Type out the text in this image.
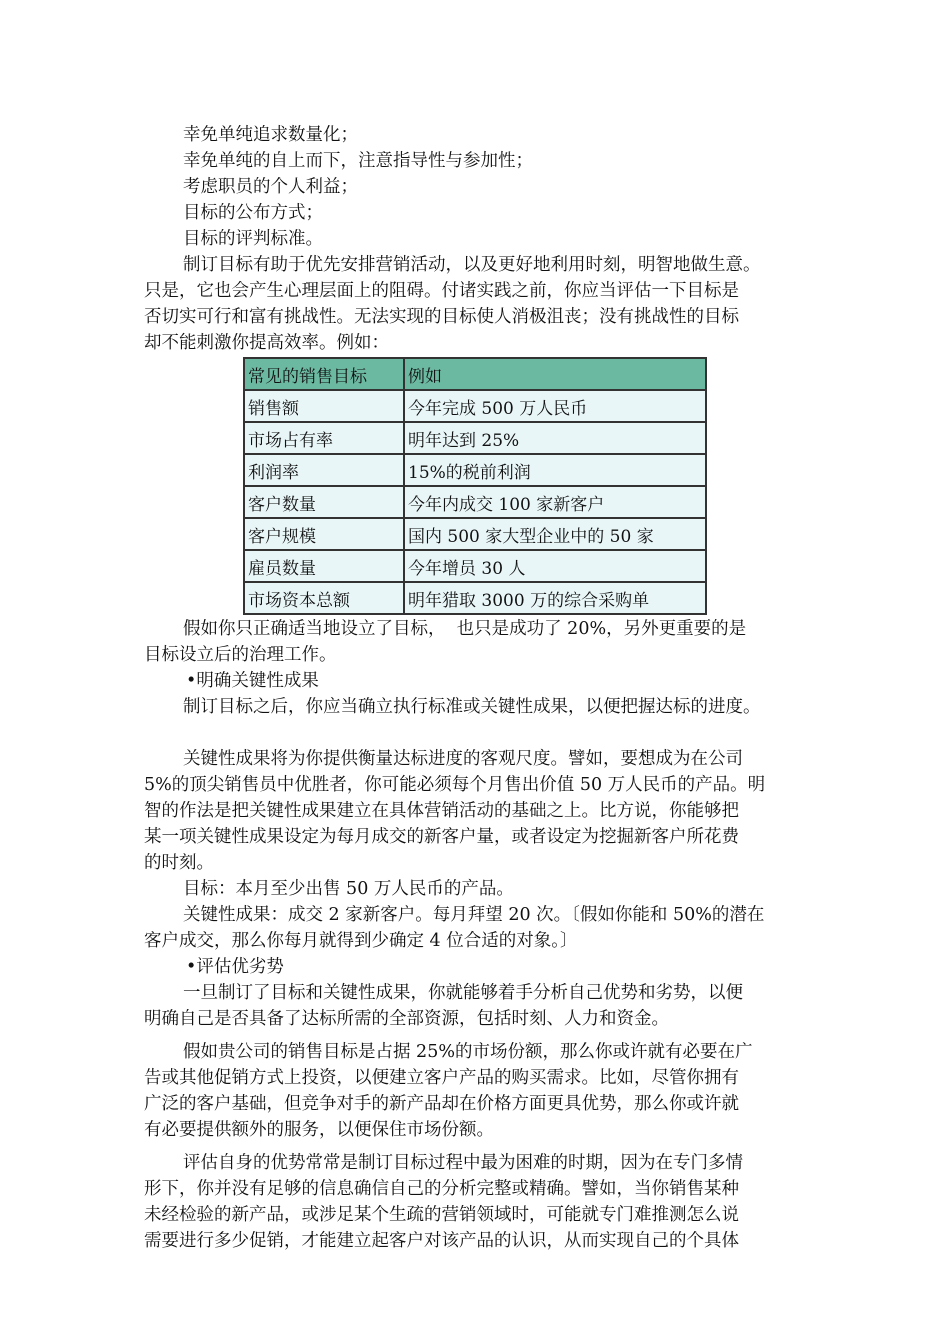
幸免单纯追求数量化；
幸免单纯的自上而下，注意指导性与参加性；
考虑职员的个人利益；
目标的公布方式；
目标的评判标准。
制订目标有助于优先安排营销活动，以及更好地利用时刻，明智地做生意。
只是，它也会产生心理层面上的阻碍。付诸实践之前，你应当评估一下目标是
否切实可行和富有挑战性。无法实现的目标使人消极沮丧；没有挑战性的目标
却不能刺激你提高效率。例如：
常见的销售目标	例如
销售额	今年完成 500 万人民币
市场占有率	明年达到 25%
利润率	15%的税前利润
客户数量	今年内成交 100 家新客户
客户规模	国内 500 家大型企业中的 50 家
雇员数量	今年增员 30 人
市场资本总额	明年猎取 3000 万的综合采购单
假如你只正确适当地设立了目标，  也只是成功了 20%，另外更重要的是
目标设立后的治理工作。
•明确关键性成果
制订目标之后，你应当确立执行标准或关键性成果，以便把握达标的进度。
关键性成果将为你提供衡量达标进度的客观尺度。譬如，要想成为在公司
5%的顶尖销售员中优胜者，你可能必须每个月售出价值 50 万人民币的产品。明
智的作法是把关键性成果建立在具体营销活动的基础之上。比方说，你能够把
某一项关键性成果设定为每月成交的新客户量，或者设定为挖掘新客户所花费
的时刻。
目标：本月至少出售 50 万人民币的产品。
关键性成果：成交 2 家新客户。每月拜望 20 次。〔假如你能和 50%的潜在
客户成交，那么你每月就得到少确定 4 位合适的对象。〕
•评估优劣势
一旦制订了目标和关键性成果，你就能够着手分析自己优势和劣势，以便
明确自己是否具备了达标所需的全部资源，包括时刻、人力和资金。
假如贵公司的销售目标是占据 25%的市场份额，那么你或许就有必要在广
告或其他促销方式上投资，以便建立客户产品的购买需求。比如，尽管你拥有
广泛的客户基础，但竞争对手的新产品却在价格方面更具优势，那么你或许就
有必要提供额外的服务，以便保住市场份额。
评估自身的优势常常是制订目标过程中最为困难的时期，因为在专门多情
形下，你并没有足够的信息确信自己的分析完整或精确。譬如，当你销售某种
未经检验的新产品，或涉足某个生疏的营销领域时，可能就专门难推测怎么说
需要进行多少促销，才能建立起客户对该产品的认识，从而实现自己的个具体
